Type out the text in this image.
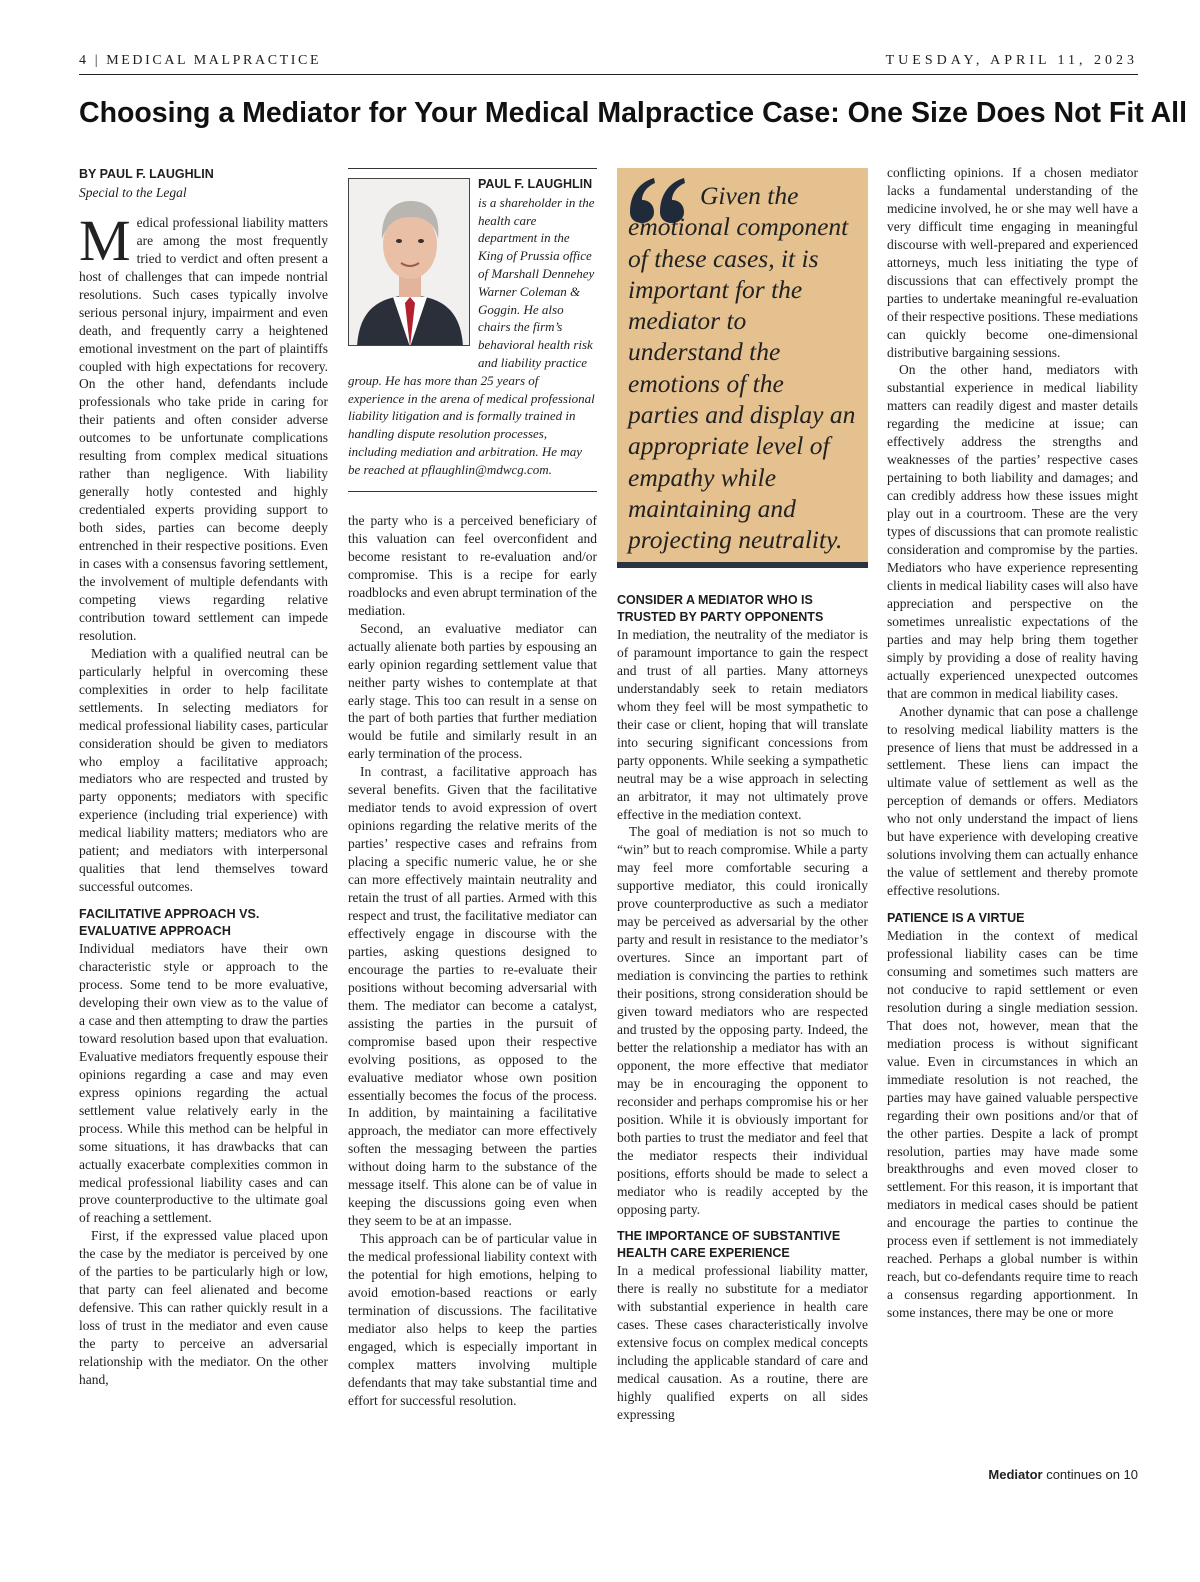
4 | MEDICAL MALPRACTICE	TUESDAY, APRIL 11, 2023
Choosing a Mediator for Your Medical Malpractice Case: One Size Does Not Fit All
BY PAUL F. LAUGHLIN
Special to the Legal

Medical professional liability matters are among the most frequently tried to verdict and often present a host of challenges that can impede nontrial resolutions. Such cases typically involve serious personal injury, impairment and even death, and frequently carry a heightened emotional investment on the part of plaintiffs coupled with high expectations for recovery. On the other hand, defendants include professionals who take pride in caring for their patients and often consider adverse outcomes to be unfortunate complications resulting from complex medical situations rather than negligence. With liability generally hotly contested and highly credentialed experts providing support to both sides, parties can become deeply entrenched in their respective positions. Even in cases with a consensus favoring settlement, the involvement of multiple defendants with competing views regarding relative contribution toward settlement can impede resolution.

Mediation with a qualified neutral can be particularly helpful in overcoming these complexities in order to help facilitate settlements. In selecting mediators for medical professional liability cases, particular consideration should be given to mediators who employ a facilitative approach; mediators who are respected and trusted by party opponents; mediators with specific experience (including trial experience) with medical liability matters; mediators who are patient; and mediators with interpersonal qualities that lend themselves toward successful outcomes.

FACILITATIVE APPROACH VS. EVALUATIVE APPROACH

Individual mediators have their own characteristic style or approach to the process. Some tend to be more evaluative, developing their own view as to the value of a case and then attempting to draw the parties toward resolution based upon that evaluation. Evaluative mediators frequently espouse their opinions regarding a case and may even express opinions regarding the actual settlement value relatively early in the process. While this method can be helpful in some situations, it has drawbacks that can actually exacerbate complexities common in medical professional liability cases and can prove counterproductive to the ultimate goal of reaching a settlement.

First, if the expressed value placed upon the case by the mediator is perceived by one of the parties to be particularly high or low, that party can feel alienated and become defensive. This can rather quickly result in a loss of trust in the mediator and even cause the party to perceive an adversarial relationship with the mediator. On the other hand,

PAUL F. LAUGHLIN is a shareholder in the health care department in the King of Prussia office of Marshall Dennehey Warner Coleman & Goggin. He also chairs the firm’s behavioral health risk and liability practice group. He has more than 25 years of experience in the arena of medical professional liability litigation and is formally trained in handling dispute resolution processes, including mediation and arbitration. He may be reached at pflaughlin@mdwcg.com.

the party who is a perceived beneficiary of this valuation can feel overconfident and become resistant to re-evaluation and/or compromise. This is a recipe for early roadblocks and even abrupt termination of the mediation.

Second, an evaluative mediator can actually alienate both parties by espousing an early opinion regarding settlement value that neither party wishes to contemplate at that early stage. This too can result in a sense on the part of both parties that further mediation would be futile and similarly result in an early termination of the process.

In contrast, a facilitative approach has several benefits. Given that the facilitative mediator tends to avoid expression of overt opinions regarding the relative merits of the parties’ respective cases and refrains from placing a specific numeric value, he or she can more effectively maintain neutrality and retain the trust of all parties. Armed with this respect and trust, the facilitative mediator can effectively engage in discourse with the parties, asking questions designed to encourage the parties to re-evaluate their positions without becoming adversarial with them. The mediator can become a catalyst, assisting the parties in the pursuit of compromise based upon their respective evolving positions, as opposed to the evaluative mediator whose own position essentially becomes the focus of the process. In addition, by maintaining a facilitative approach, the mediator can more effectively soften the messaging between the parties without doing harm to the substance of the message itself. This alone can be of value in keeping the discussions going even when they seem to be at an impasse.

This approach can be of particular value in the medical professional liability context with the potential for high emotions, helping to avoid emotion-based reactions or early termination of discussions. The facilitative mediator also helps to keep the parties engaged, which is especially important in complex matters involving multiple defendants that may take substantial time and effort for successful resolution.

Given the emotional component of these cases, it is important for the mediator to understand the emotions of the parties and display an appropriate level of empathy while maintaining and projecting neutrality.
CONSIDER A MEDIATOR WHO IS TRUSTED BY PARTY OPPONENTS

In mediation, the neutrality of the mediator is of paramount importance to gain the respect and trust of all parties. Many attorneys understandably seek to retain mediators whom they feel will be most sympathetic to their case or client, hoping that will translate into securing significant concessions from party opponents. While seeking a sympathetic neutral may be a wise approach in selecting an arbitrator, it may not ultimately prove effective in the mediation context.

The goal of mediation is not so much to “win” but to reach compromise. While a party may feel more comfortable securing a supportive mediator, this could ironically prove counterproductive as such a mediator may be perceived as adversarial by the other party and result in resistance to the mediator’s overtures. Since an important part of mediation is convincing the parties to rethink their positions, strong consideration should be given toward mediators who are respected and trusted by the opposing party. Indeed, the better the relationship a mediator has with an opponent, the more effective that mediator may be in encouraging the opponent to reconsider and perhaps compromise his or her position. While it is obviously important for both parties to trust the mediator and feel that the mediator respects their individual positions, efforts should be made to select a mediator who is readily accepted by the opposing party.

THE IMPORTANCE OF SUBSTANTIVE HEALTH CARE EXPERIENCE

In a medical professional liability matter, there is really no substitute for a mediator with substantial experience in health care cases. These cases characteristically involve extensive focus on complex medical concepts including the applicable standard of care and medical causation. As a routine, there are highly qualified experts on all sides expressing

conflicting opinions. If a chosen mediator lacks a fundamental understanding of the medicine involved, he or she may well have a very difficult time engaging in meaningful discourse with well-prepared and experienced attorneys, much less initiating the type of discussions that can effectively prompt the parties to undertake meaningful re-evaluation of their respective positions. These mediations can quickly become one-dimensional distributive bargaining sessions.

On the other hand, mediators with substantial experience in medical liability matters can readily digest and master details regarding the medicine at issue; can effectively address the strengths and weaknesses of the parties’ respective cases pertaining to both liability and damages; and can credibly address how these issues might play out in a courtroom. These are the very types of discussions that can promote realistic consideration and compromise by the parties. Mediators who have experience representing clients in medical liability cases will also have appreciation and perspective on the sometimes unrealistic expectations of the parties and may help bring them together simply by providing a dose of reality having actually experienced unexpected outcomes that are common in medical liability cases.

Another dynamic that can pose a challenge to resolving medical liability matters is the presence of liens that must be addressed in a settlement. These liens can impact the ultimate value of settlement as well as the perception of demands or offers. Mediators who not only understand the impact of liens but have experience with developing creative solutions involving them can actually enhance the value of settlement and thereby promote effective resolutions.

PATIENCE IS A VIRTUE

Mediation in the context of medical professional liability cases can be time consuming and sometimes such matters are not conducive to rapid settlement or even resolution during a single mediation session. That does not, however, mean that the mediation process is without significant value. Even in circumstances in which an immediate resolution is not reached, the parties may have gained valuable perspective regarding their own positions and/or that of the other parties. Despite a lack of prompt resolution, parties may have made some breakthroughs and even moved closer to settlement. For this reason, it is important that mediators in medical cases should be patient and encourage the parties to continue the process even if settlement is not immediately reached. Perhaps a global number is within reach, but co-defendants require time to reach a consensus regarding apportionment. In some instances, there may be one or more

Mediator continues on 10
